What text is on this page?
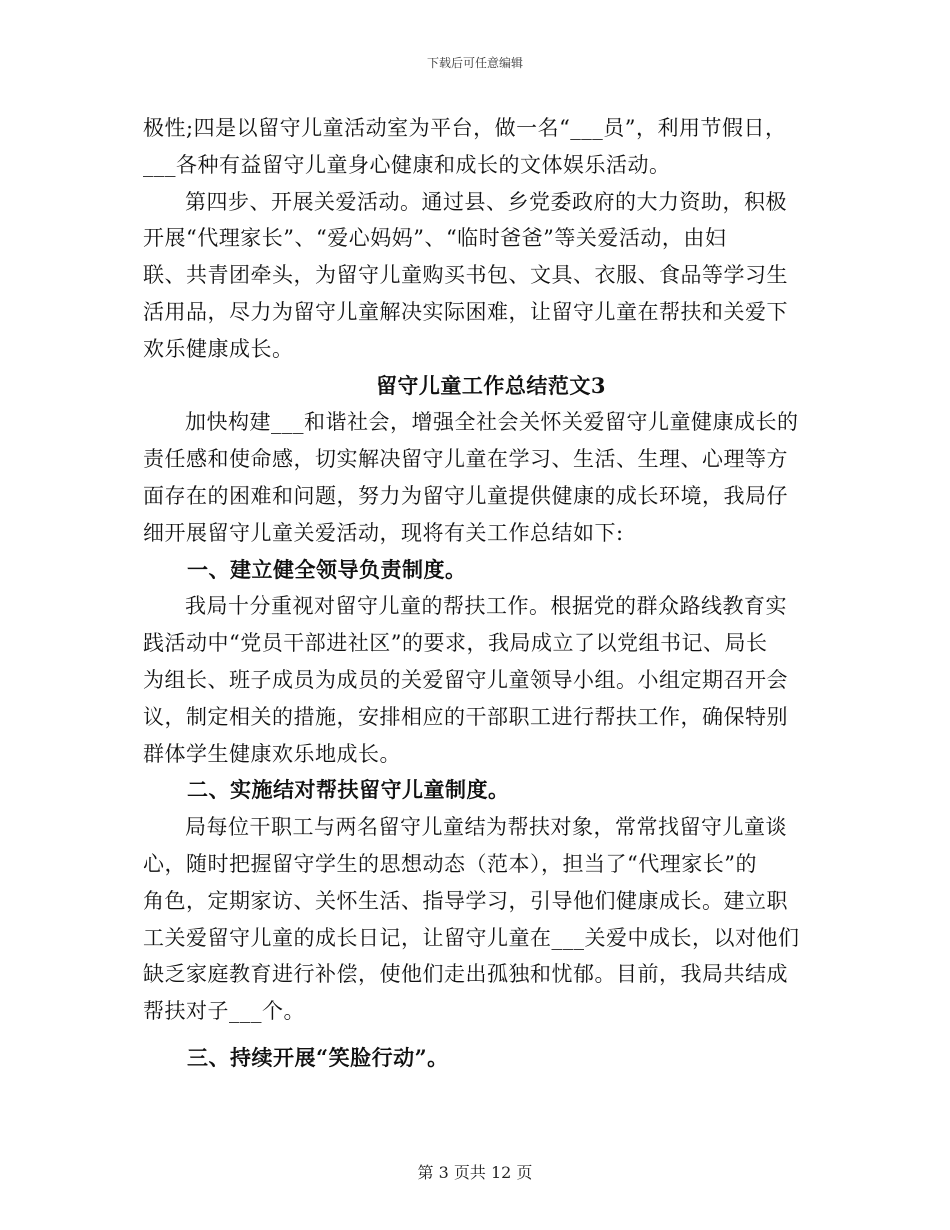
下载后可任意编辑
极性;四是以留守儿童活动室为平台，做一名“___员”，利用节假日，
___各种有益留守儿童身心健康和成长的文体娱乐活动。
第四步、开展关爱活动。通过县、乡党委政府的大力资助，积极
开展“代理家长”、“爱心妈妈”、“临时爸爸”等关爱活动，由妇
联、共青团牵头，为留守儿童购买书包、文具、衣服、食品等学习生
活用品，尽力为留守儿童解决实际困难，让留守儿童在帮扶和关爱下
欢乐健康成长。
留守儿童工作总结范文3
加快构建___和谐社会，增强全社会关怀关爱留守儿童健康成长的
责任感和使命感，切实解决留守儿童在学习、生活、生理、心理等方
面存在的困难和问题，努力为留守儿童提供健康的成长环境，我局仔
细开展留守儿童关爱活动，现将有关工作总结如下:
一、建立健全领导负责制度。
我局十分重视对留守儿童的帮扶工作。根据党的群众路线教育实
践活动中“党员干部进社区”的要求，我局成立了以党组书记、局长
为组长、班子成员为成员的关爱留守儿童领导小组。小组定期召开会
议，制定相关的措施，安排相应的干部职工进行帮扶工作，确保特别
群体学生健康欢乐地成长。
二、实施结对帮扶留守儿童制度。
局每位干职工与两名留守儿童结为帮扶对象，常常找留守儿童谈
心，随时把握留守学生的思想动态（范本），担当了“代理家长”的
角色，定期家访、关怀生活、指导学习，引导他们健康成长。建立职
工关爱留守儿童的成长日记，让留守儿童在___关爱中成长，以对他们
缺乏家庭教育进行补偿，使他们走出孤独和忧郁。目前，我局共结成
帮扶对子___个。
三、持续开展“笑脸行动”。
第 3 页共 12 页
